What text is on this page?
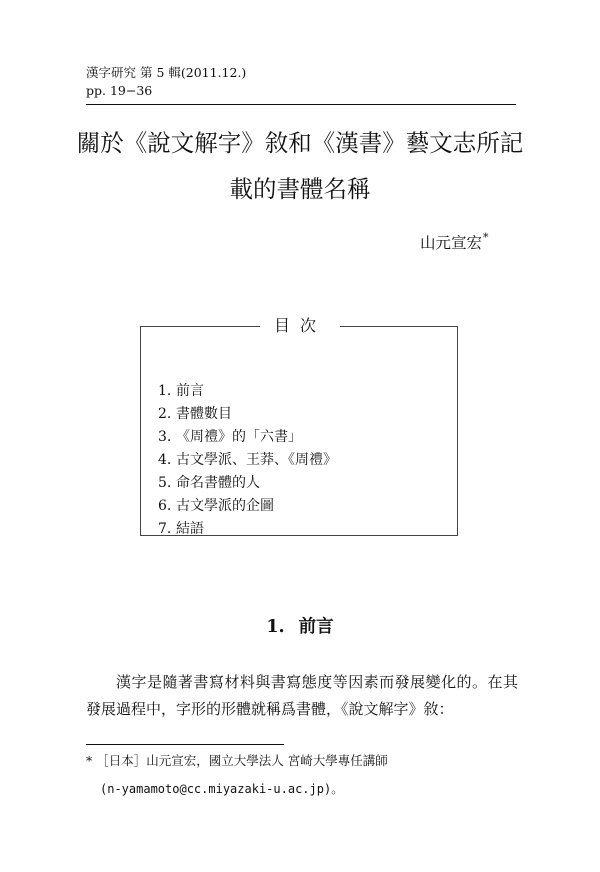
漢字研究 第 5 輯(2011.12.)
pp. 19−36
關於《說文解字》敘和《漢書》藝文志所記
載的書體名稱
山元宣宏*
目次
1. 前言
2. 書體數目
3. 《周禮》的「六書」
4. 古文學派、王莽、《周禮》
5. 命名書體的人
6. 古文學派的企圖
7. 結語
1. 前言

漢字是隨著書寫材料與書寫態度等因素而發展變化的。在其發展過程中，字形的形體就稱爲書體，《說文解字》敘：

* ［日本］山元宣宏，國立大學法人 宮崎大學專任講師
(n-yamamoto@cc.miyazaki-u.ac.jp)。
